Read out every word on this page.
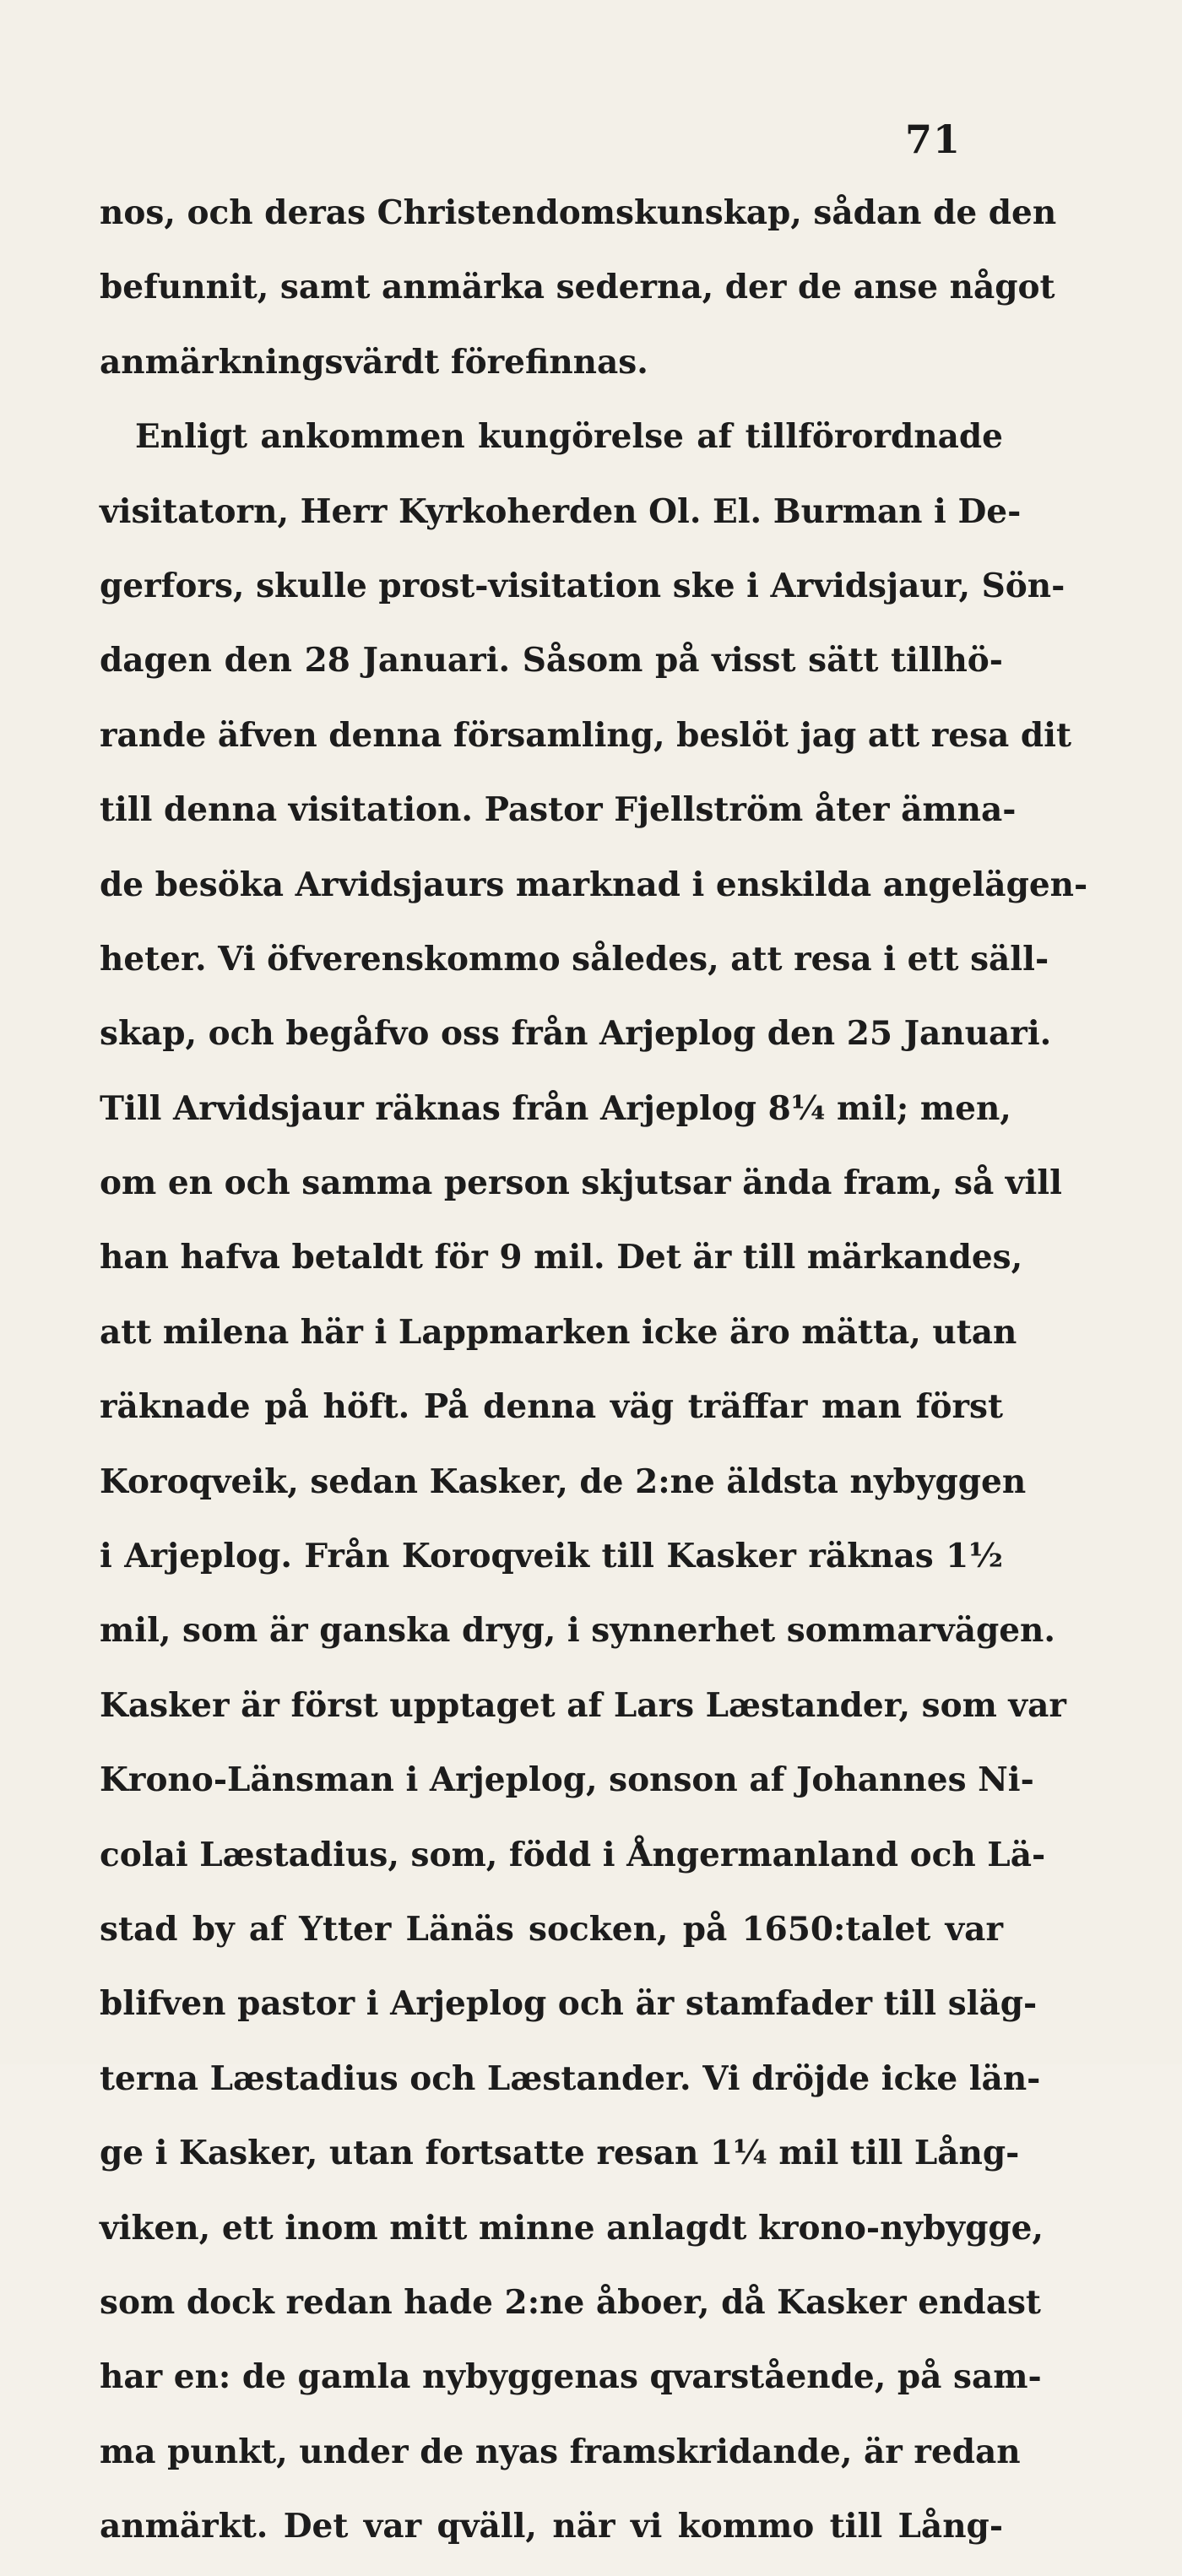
71
nos, och deras Christendomskunskap, sådan de den
befunnit, samt anmärka sederna, der de anse något
anmärkningsvärdt förefinnas.
Enligt ankommen kungörelse af tillförordnade
visitatorn, Herr Kyrkoherden Ol. El. Burman i De-
gerfors, skulle prost-visitation ske i Arvidsjaur, Sön-
dagen den 28 Januari. Såsom på visst sätt tillhö-
rande äfven denna församling, beslöt jag att resa dit
till denna visitation. Pastor Fjellström åter ämna-
de besöka Arvidsjaurs marknad i enskilda angelägen-
heter. Vi öfverenskommo således, att resa i ett säll-
skap, och begåfvo oss från Arjeplog den 25 Januari.
Till Arvidsjaur räknas från Arjeplog 8¼ mil; men,
om en och samma person skjutsar ända fram, så vill
han hafva betaldt för 9 mil. Det är till märkandes,
att milena här i Lappmarken icke äro mätta, utan
räknade på höft. På denna väg träffar man först
Koroqveik, sedan Kasker, de 2:ne äldsta nybyggen
i Arjeplog. Från Koroqveik till Kasker räknas 1½
mil, som är ganska dryg, i synnerhet sommarvägen.
Kasker är först upptaget af Lars Læstander, som var
Krono-Länsman i Arjeplog, sonson af Johannes Ni-
colai Læstadius, som, född i Ångermanland och Lä-
stad by af Ytter Länäs socken, på 1650:talet var
blifven pastor i Arjeplog och är stamfader till släg-
terna Læstadius och Læstander. Vi dröjde icke län-
ge i Kasker, utan fortsatte resan 1¼ mil till Lång-
viken, ett inom mitt minne anlagdt krono-nybygge,
som dock redan hade 2:ne åboer, då Kasker endast
har en: de gamla nybyggenas qvarstående, på sam-
ma punkt, under de nyas framskridande, är redan
anmärkt. Det var qväll, när vi kommo till Lång-
